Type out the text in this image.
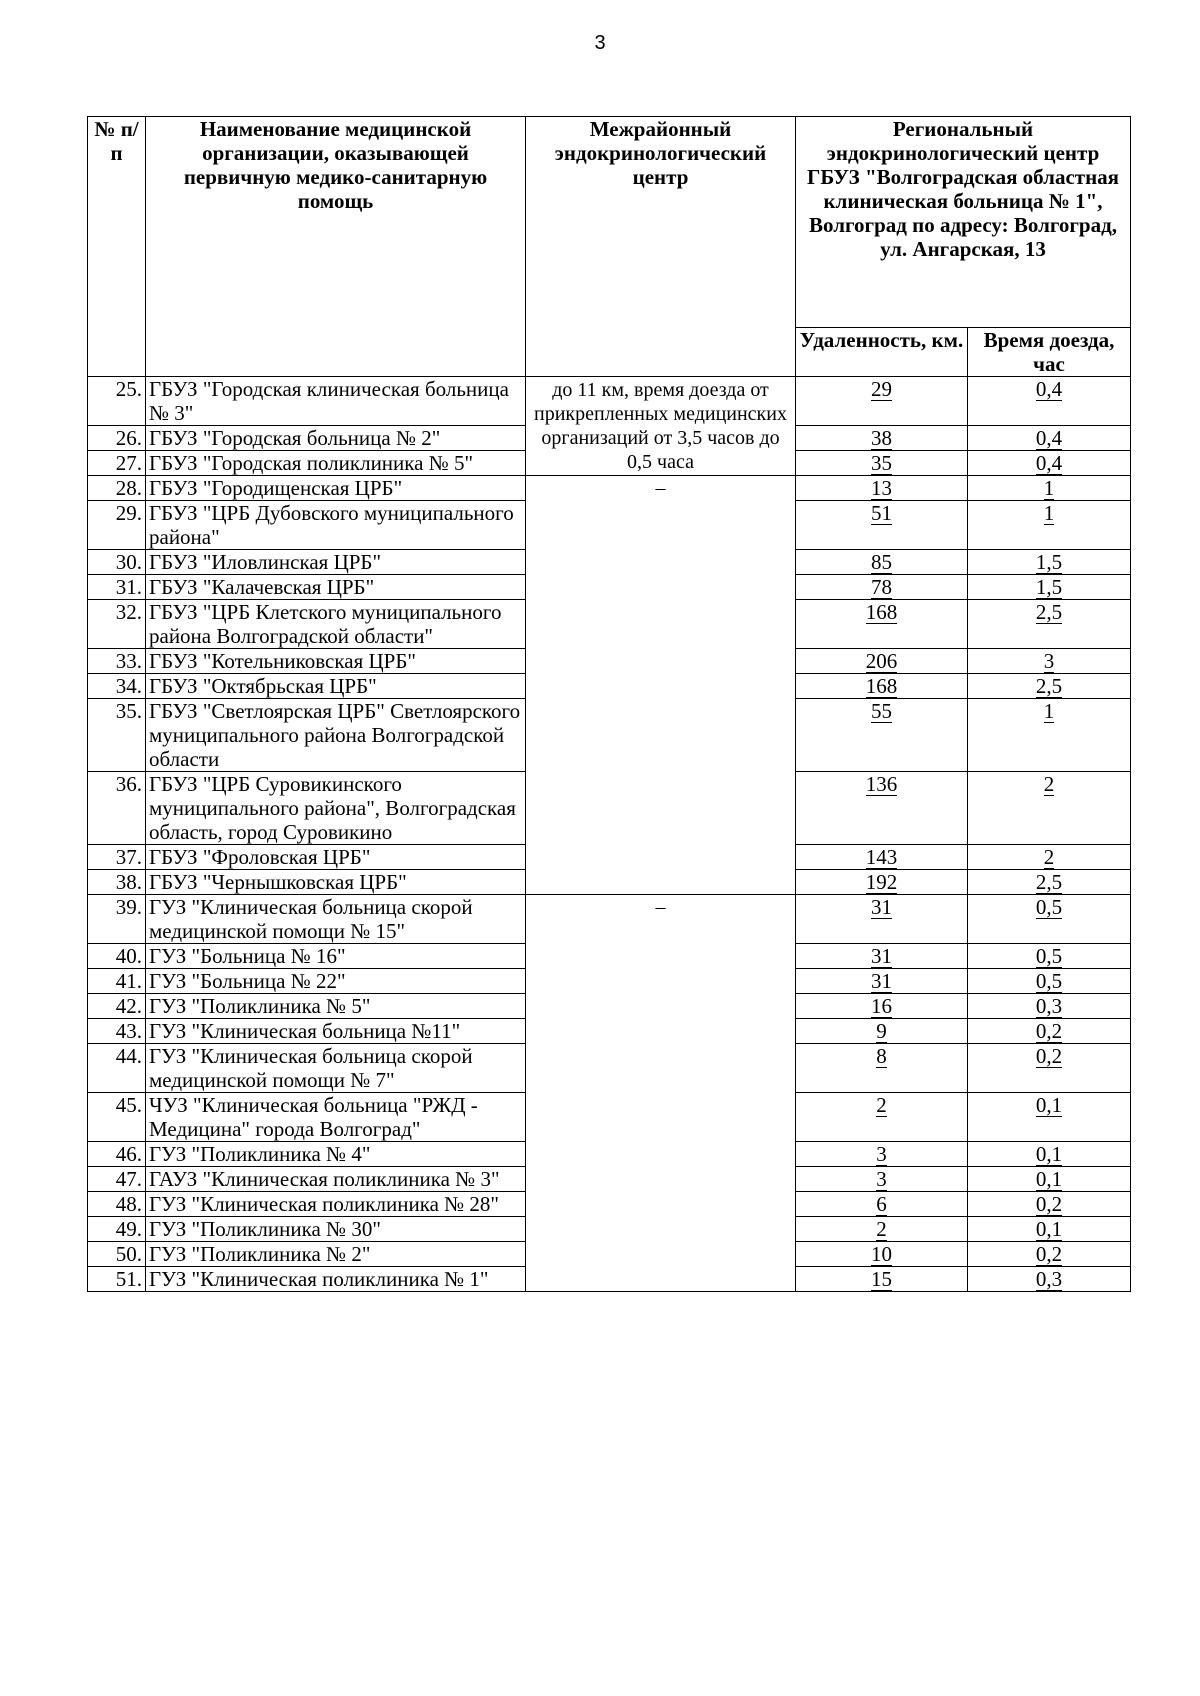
3
№ п/п	Наименование медицинской организации, оказывающей первичную медико-санитарную помощь	Межрайонный эндокринологический центр	Региональный эндокринологический центр ГБУЗ "Волгоградская областная клиническая больница № 1", Волгоград по адресу: Волгоград, ул. Ангарская, 13	
			Удаленность, км.	Время доезда, час
25.	ГБУЗ "Городская клиническая больница № 3"	до 11 км, время доезда от прикрепленных медицинских организаций от 3,5 часов до 0,5 часа	29	0,4
26.	ГБУЗ "Городская больница № 2"		38	0,4
27.	ГБУЗ "Городская поликлиника № 5"		35	0,4
28.	ГБУЗ "Городищенская ЦРБ"	–	13	1
29.	ГБУЗ "ЦРБ Дубовского муниципального района"		51	1
30.	ГБУЗ "Иловлинская ЦРБ"		85	1,5
31.	ГБУЗ "Калачевская ЦРБ"		78	1,5
32.	ГБУЗ "ЦРБ Клетского муниципального района Волгоградской области"		168	2,5
33.	ГБУЗ "Котельниковская ЦРБ"		206	3
34.	ГБУЗ "Октябрьская ЦРБ"		168	2,5
35.	ГБУЗ "Светлоярская ЦРБ" Светлоярского муниципального района Волгоградской области		55	1
36.	ГБУЗ "ЦРБ Суровикинского муниципального района", Волгоградская область, город Суровикино		136	2
37.	ГБУЗ "Фроловская ЦРБ"		143	2
38.	ГБУЗ "Чернышковская ЦРБ"		192	2,5
39.	ГУЗ "Клиническая больница скорой медицинской помощи № 15"	–	31	0,5
40.	ГУЗ "Больница № 16"		31	0,5
41.	ГУЗ "Больница № 22"		31	0,5
42.	ГУЗ "Поликлиника № 5"		16	0,3
43.	ГУЗ "Клиническая больница №11"		9	0,2
44.	ГУЗ "Клиническая больница скорой медицинской помощи № 7"		8	0,2
45.	ЧУЗ "Клиническая больница "РЖД - Медицина" города Волгоград"		2	0,1
46.	ГУЗ "Поликлиника № 4"		3	0,1
47.	ГАУЗ "Клиническая поликлиника № 3"		3	0,1
48.	ГУЗ "Клиническая поликлиника № 28"		6	0,2
49.	ГУЗ "Поликлиника № 30"		2	0,1
50.	ГУЗ "Поликлиника № 2"		10	0,2
51.	ГУЗ "Клиническая поликлиника № 1"		15	0,3
